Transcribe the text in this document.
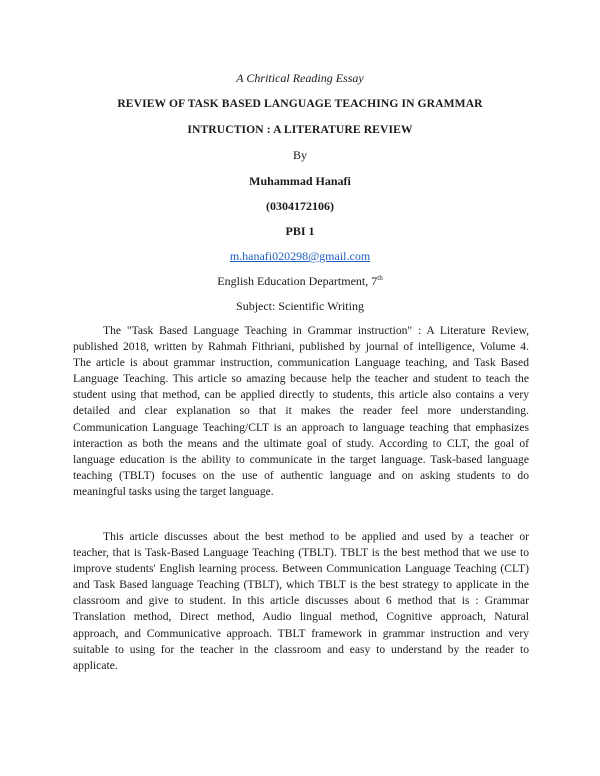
A Chritical Reading Essay
REVIEW OF TASK BASED LANGUAGE TEACHING IN GRAMMAR
INTRUCTION : A LITERATURE REVIEW
By
Muhammad Hanafi
(0304172106)
PBI 1
m.hanafi020298@gmail.com
English Education Department, 7th
Subject: Scientific Writing
The "Task Based Language Teaching in Grammar instruction" : A Literature Review,
published 2018, written by Rahmah Fithriani, published by journal of intelligence, Volume 4.
The article is about grammar instruction, communication Language teaching, and Task Based
Language Teaching. This article so amazing because help the teacher and student to teach the
student using that method, can be applied directly to students, this article also contains a very
detailed and clear explanation so that it makes the reader feel more understanding.
Communication Language Teaching/CLT is an approach to language teaching that emphasizes
interaction as both the means and the ultimate goal of study. According to CLT, the goal of
language education is the ability to communicate in the target language. Task-based language
teaching (TBLT) focuses on the use of authentic language and on asking students to do
meaningful tasks using the target language.
This article discusses about the best method to be applied and used by a teacher or
teacher, that is Task-Based Language Teaching (TBLT). TBLT is the best method that we use to
improve students' English learning process. Between Communication Language Teaching (CLT)
and Task Based language Teaching (TBLT), which TBLT is the best strategy to applicate in the
classroom and give to student. In this article discusses about 6 method that is : Grammar
Translation method, Direct method, Audio lingual method, Cognitive approach, Natural
approach, and Communicative approach. TBLT framework in grammar instruction and very
suitable to using for the teacher in the classroom and easy to understand by the reader to
applicate.
